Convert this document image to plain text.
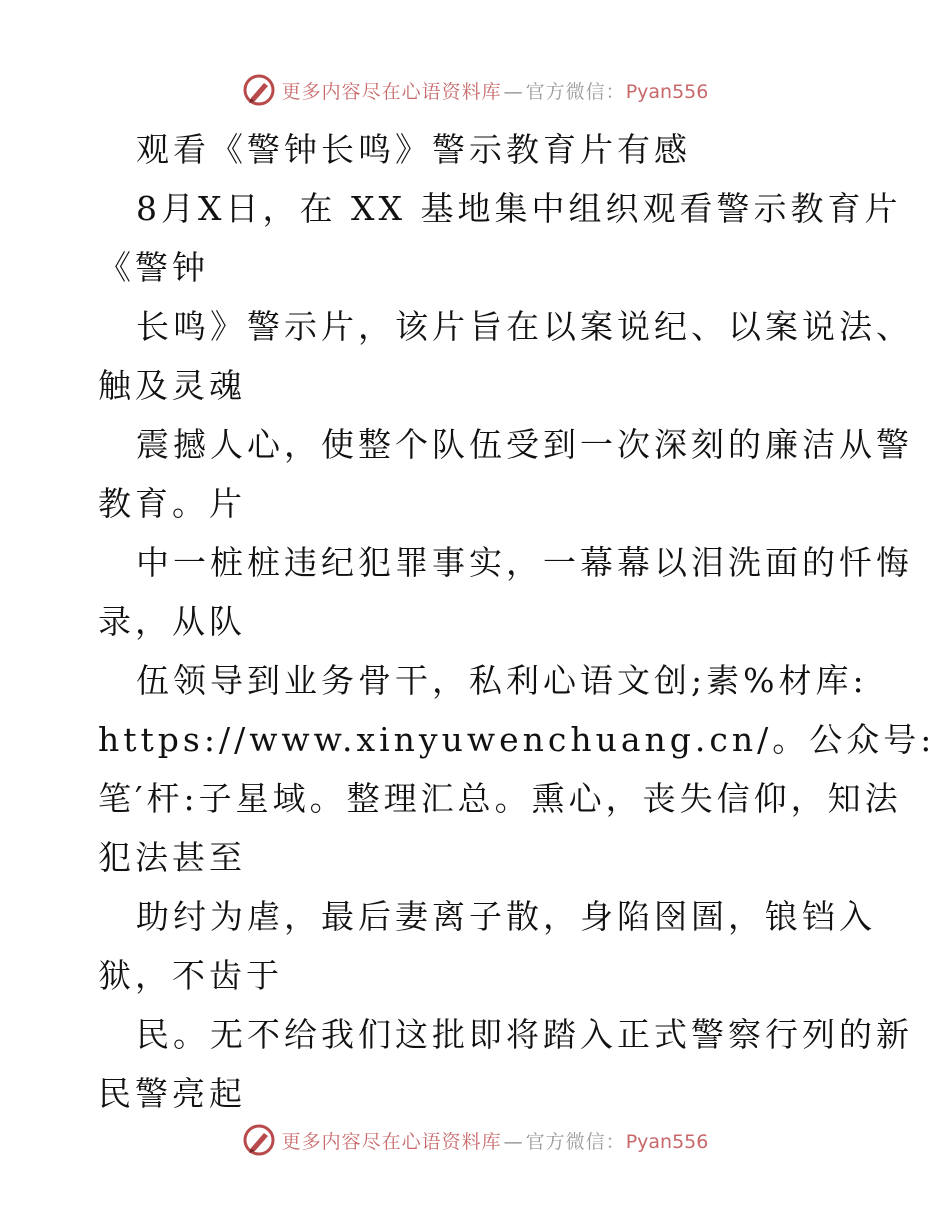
更多内容尽在心语资料库 — 官方微信：Pyan556
观看《警钟长鸣》警示教育片有感
8月X日，在 XX 基地集中组织观看警示教育片
《警钟
长鸣》警示片，该片旨在以案说纪、以案说法、
触及灵魂
震撼人心，使整个队伍受到一次深刻的廉洁从警
教育。片
中一桩桩违纪犯罪事实，一幕幕以泪洗面的忏悔
录，从队
伍领导到业务骨干，私利心语文创;素%材库:
https://www.xinyuwenchuang.cn/。公众号:
笔′杆:子星域。整理汇总。熏心，丧失信仰，知法
犯法甚至
助纣为虐，最后妻离子散，身陷囹圄，锒铛入
狱，不齿于
民。无不给我们这批即将踏入正式警察行列的新
民警亮起
更多内容尽在心语资料库 — 官方微信：Pyan556
